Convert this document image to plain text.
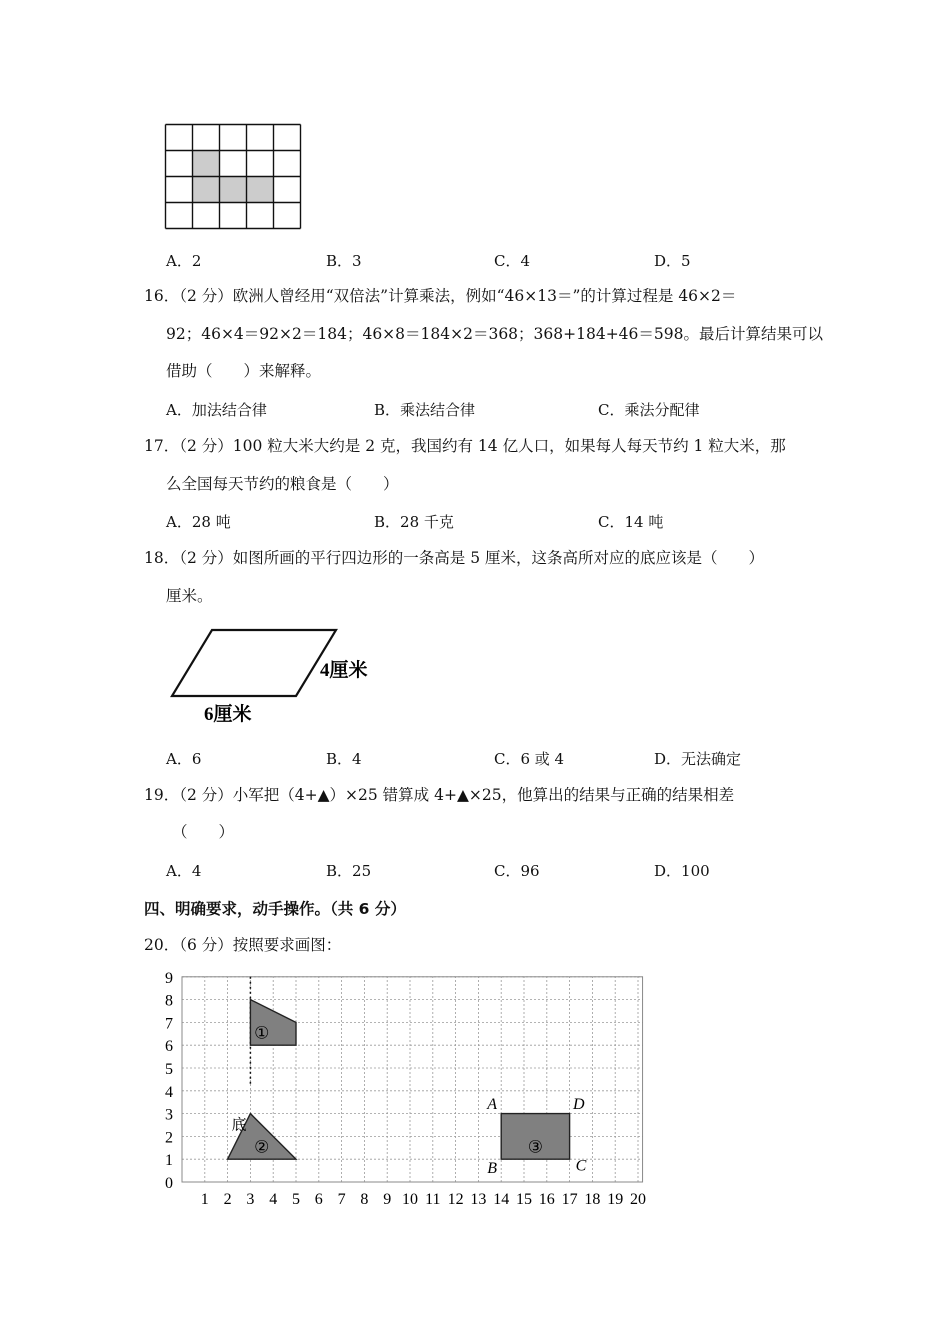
A．2	B．3	C．4	D．5
16．（2 分）欧洲人曾经用“双倍法”计算乘法，例如“46×13＝”的计算过程是 46×2＝
92；46×4＝92×2＝184；46×8＝184×2＝368；368+184+46＝598。最后计算结果可以
借助（　　）来解释。
A．加法结合律	B．乘法结合律	C．乘法分配律
17．（2 分）100 粒大米大约是 2 克，我国约有 14 亿人口，如果每人每天节约 1 粒大米，那
么全国每天节约的粮食是（　　）
A．28 吨	B．28 千克	C．14 吨
18．（2 分）如图所画的平行四边形的一条高是 5 厘米，这条高所对应的底应该是（　　）
厘米。
4厘米
6厘米
A．6	B．4	C．6 或 4	D．无法确定
19．（2 分）小军把（4+▲）×25 错算成 4+▲×25，他算出的结果与正确的结果相差
（　　）
A．4	B．25	C．96	D．100
四、明确要求，动手操作。（共 6 分）
20．（6 分）按照要求画图：
1 2 3 4 5 6 7 8 9 10 11 12 13 14 15 16 17 18 19 20
0
1
2
3
4
5
6
7
8
9
①
②	③
底
A
B	C
D
